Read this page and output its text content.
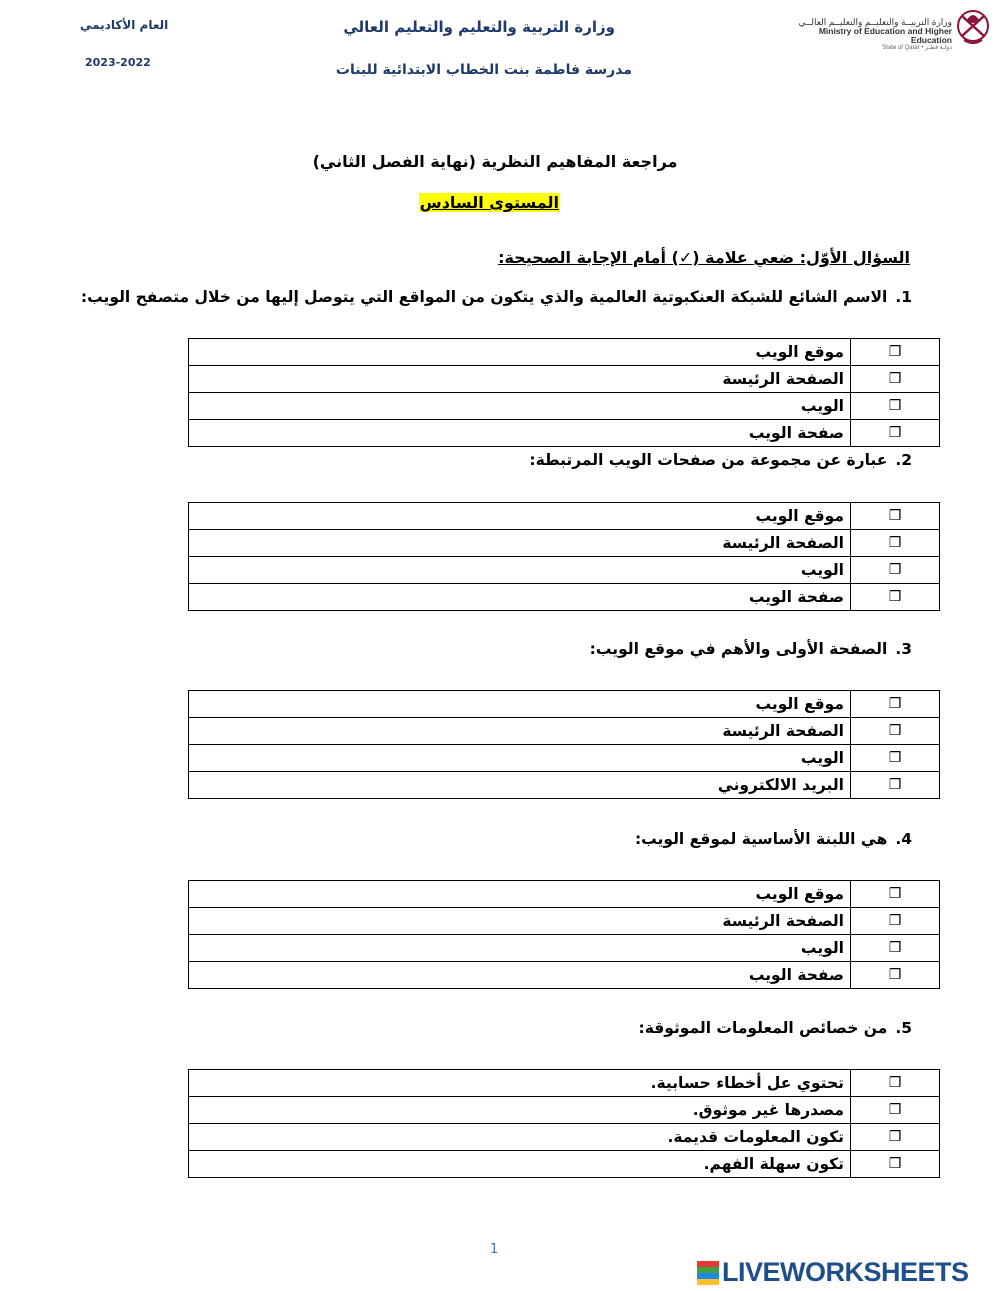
العام الأكاديمي
2023-2022
وزارة التربية والتعليم والتعليم العالي
مدرسة فاطمة بنت الخطاب الابتدائية للبنات
وزارة التربيــة والتعليــم والتعليــم العالــي
Ministry of Education and Higher Education
State of Qatar • دولـة قطـر
مراجعة المفاهيم النظرية (نهاية الفصل الثاني)
المستوى السادس
السؤال الأوّل: ضعي علامة (✓) أمام الإجابة الصحيحة:
1.الاسم الشائع للشبكة العنكبوتية العالمية والذي يتكون من المواقع التي يتوصل إليها من خلال متصفح الويب:
❒	موقع الويب
❒	الصفحة الرئيسة
❒	الويب
❒	صفحة الويب
2.عبارة عن مجموعة من صفحات الويب المرتبطة:
❒	موقع الويب
❒	الصفحة الرئيسة
❒	الويب
❒	صفحة الويب
3.الصفحة الأولى والأهم في موقع الويب:
❒	موقع الويب
❒	الصفحة الرئيسة
❒	الويب
❒	البريد الالكتروني
4.هي اللبنة الأساسية لموقع الويب:
❒	موقع الويب
❒	الصفحة الرئيسة
❒	الويب
❒	صفحة الويب
5.من خصائص المعلومات الموثوقة:
❒	تحتوي عل أخطاء حسابية.
❒	مصدرها غير موثوق.
❒	تكون المعلومات قديمة.
❒	تكون سهلة الفهم.
1
LIVEWORKSHEETS
